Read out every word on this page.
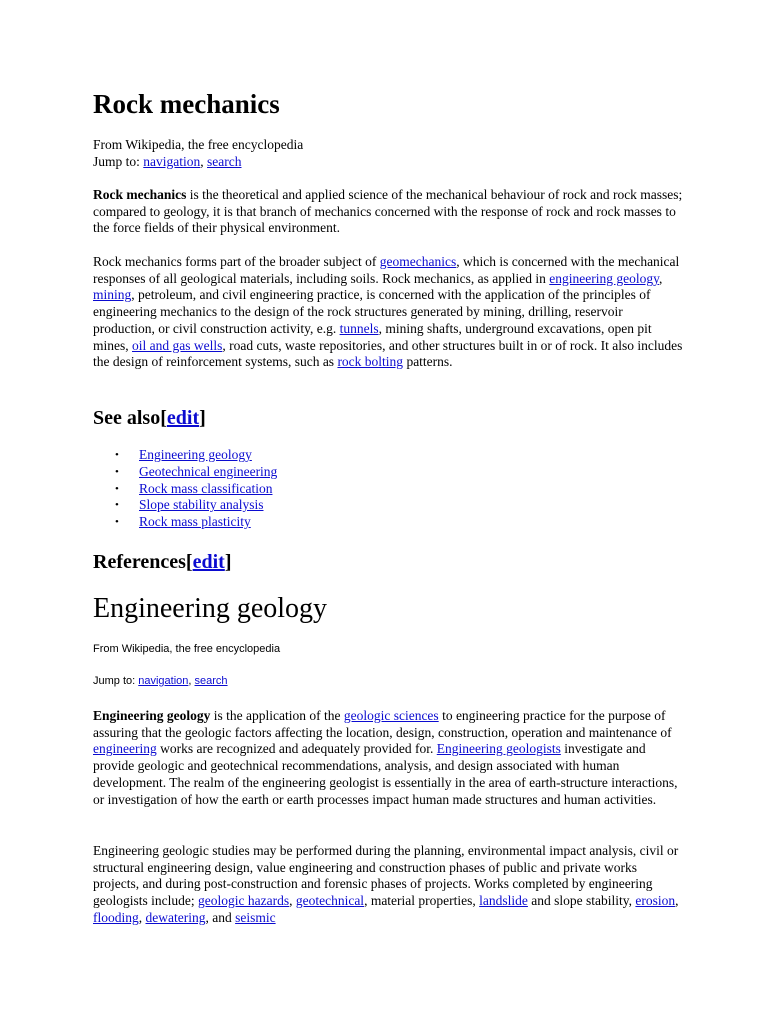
Rock mechanics
From Wikipedia, the free encyclopedia
Jump to: navigation, search

Rock mechanics is the theoretical and applied science of the mechanical behaviour of rock and rock masses; compared to geology, it is that branch of mechanics concerned with the response of rock and rock masses to the force fields of their physical environment.

Rock mechanics forms part of the broader subject of geomechanics, which is concerned with the mechanical responses of all geological materials, including soils. Rock mechanics, as applied in engineering geology, mining, petroleum, and civil engineering practice, is concerned with the application of the principles of engineering mechanics to the design of the rock structures generated by mining, drilling, reservoir production, or civil construction activity, e.g. tunnels, mining shafts, underground excavations, open pit mines, oil and gas wells, road cuts, waste repositories, and other structures built in or of rock. It also includes the design of reinforcement systems, such as rock bolting patterns.

See also[edit]
• Engineering geology
• Geotechnical engineering
• Rock mass classification
• Slope stability analysis
• Rock mass plasticity
References[edit]
Engineering geology
From Wikipedia, the free encyclopedia
Jump to: navigation, search

Engineering geology is the application of the geologic sciences to engineering practice for the purpose of assuring that the geologic factors affecting the location, design, construction, operation and maintenance of engineering works are recognized and adequately provided for. Engineering geologists investigate and provide geologic and geotechnical recommendations, analysis, and design associated with human development. The realm of the engineering geologist is essentially in the area of earth-structure interactions, or investigation of how the earth or earth processes impact human made structures and human activities.

Engineering geologic studies may be performed during the planning, environmental impact analysis, civil or structural engineering design, value engineering and construction phases of public and private works projects, and during post-construction and forensic phases of projects. Works completed by engineering geologists include; geologic hazards, geotechnical, material properties, landslide and slope stability, erosion, flooding, dewatering, and seismic
